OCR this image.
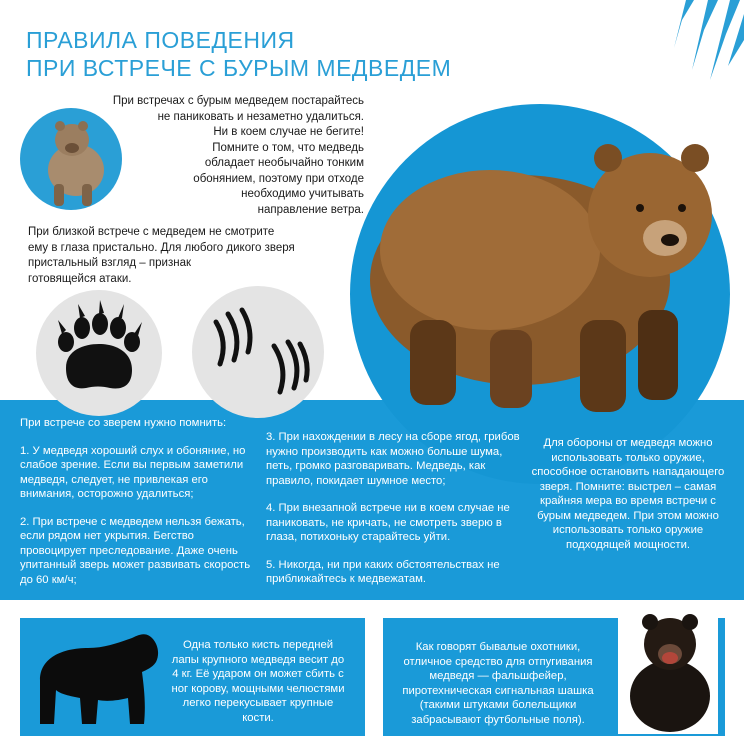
ПРАВИЛА ПОВЕДЕНИЯ
ПРИ ВСТРЕЧЕ С БУРЫМ МЕДВЕДЕМ
При встречах с бурым медведем постарайтесь
не паниковать и незаметно удалиться.
Ни в коем случае не бегите!
Помните о том, что медведь
обладает необычайно тонким
обонянием, поэтому при отходе
необходимо учитывать
направление ветра.
При близкой встрече с медведем не смотрите
ему в глаза пристально. Для любого дикого зверя
пристальный взгляд – признак
готовящейся атаки.

При встрече со зверем нужно помнить:

1. У медведя хороший слух и обоняние, но слабое зрение. Если вы первым заметили медведя, следует, не привлекая его внимания, осторожно удалиться;

2. При встрече с медведем нельзя бежать, если рядом нет укрытия. Бегство провоцирует преследование. Даже очень упитанный зверь может развивать скорость до 60 км/ч;

3. При нахождении в лесу на сборе ягод, грибов нужно производить как можно больше шума, петь, громко разговаривать. Медведь, как правило, покидает шумное место;

4. При внезапной встрече ни в коем случае не паниковать, не кричать, не смотреть зверю в глаза, потихоньку старайтесь уйти.

5. Никогда, ни при каких обстоятельствах не приближайтесь к медвежатам.

Для обороны от медведя можно использовать только оружие, способное остановить нападающего зверя. Помните: выстрел – самая крайняя мера во время встречи с бурым медведем. При этом можно использовать только оружие подходящей мощности.
Одна только кисть передней лапы крупного медведя весит до 4 кг. Её ударом он может сбить с ног корову, мощными челюстями легко перекусывает крупные кости.
Как говорят бывалые охотники, отличное средство для отпугивания медведя — фальшфейер, пиротехническая сигнальная шашка (такими штуками болельщики забрасывают футбольные поля).
